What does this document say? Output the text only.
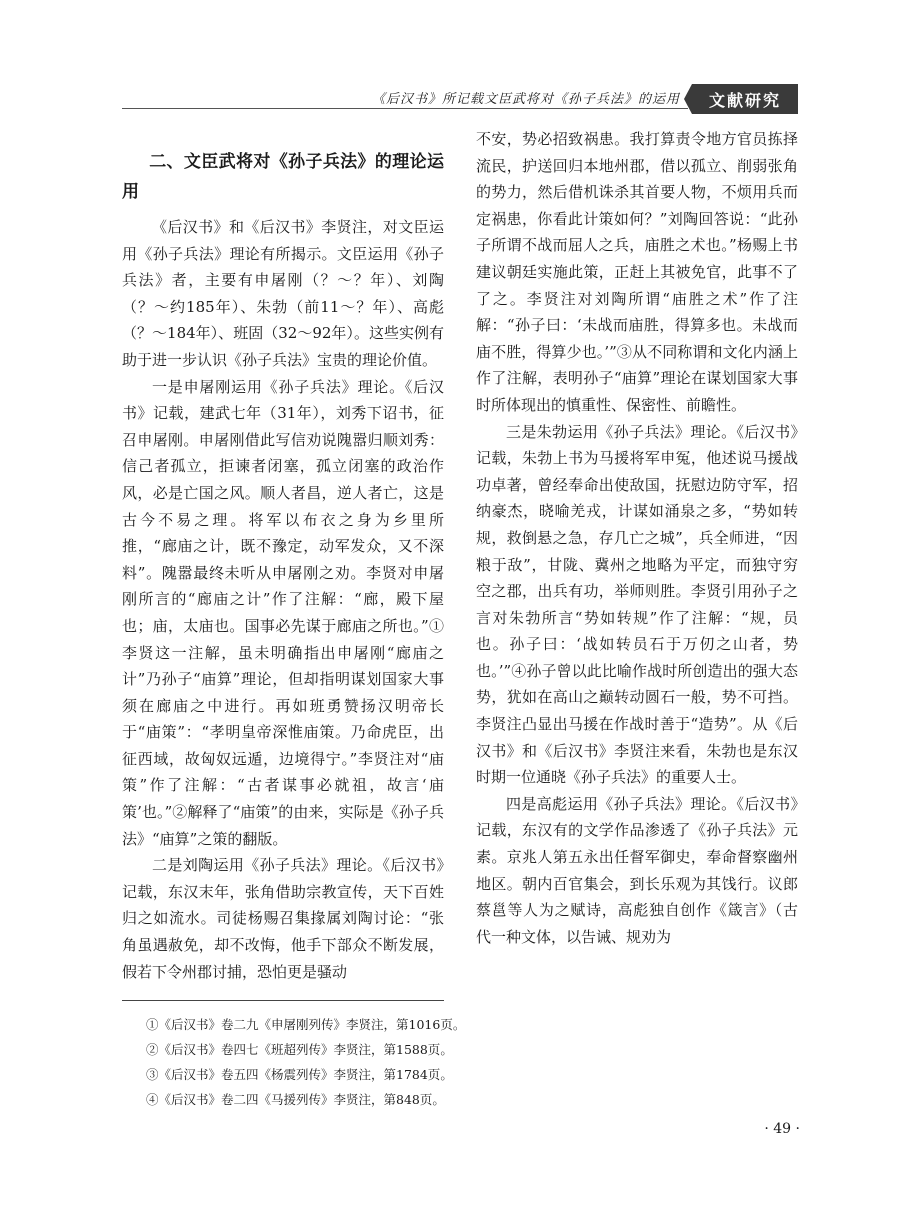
《后汉书》所记载文臣武将对《孙子兵法》的运用	文献研究
二、文臣武将对《孙子兵法》的理论运用

《后汉书》和《后汉书》李贤注，对文臣运用《孙子兵法》理论有所揭示。文臣运用《孙子兵法》者，主要有申屠刚（？～？年）、刘陶（？～约185年）、朱勃（前11～？年）、高彪（？～184年）、班固（32～92年）。这些实例有助于进一步认识《孙子兵法》宝贵的理论价值。

一是申屠刚运用《孙子兵法》理论。《后汉书》记载，建武七年（31年），刘秀下诏书，征召申屠刚。申屠刚借此写信劝说隗嚣归顺刘秀：信己者孤立，拒谏者闭塞，孤立闭塞的政治作风，必是亡国之风。顺人者昌，逆人者亡，这是古今不易之理。将军以布衣之身为乡里所推，“廊庙之计，既不豫定，动军发众，又不深料”。隗嚣最终未听从申屠刚之劝。李贤对申屠刚所言的“廊庙之计”作了注解：“廊，殿下屋也；庙，太庙也。国事必先谋于廊庙之所也。”①李贤这一注解，虽未明确指出申屠刚“廊庙之计”乃孙子“庙算”理论，但却指明谋划国家大事须在廊庙之中进行。再如班勇赞扬汉明帝长于“庙策”：“孝明皇帝深惟庙策。乃命虎臣，出征西域，故匈奴远遁，边境得宁。”李贤注对“庙策”作了注解：“古者谋事必就祖，故言‘庙策’也。”②解释了“庙策”的由来，实际是《孙子兵法》“庙算”之策的翻版。

二是刘陶运用《孙子兵法》理论。《后汉书》记载，东汉末年，张角借助宗教宣传，天下百姓归之如流水。司徒杨赐召集掾属刘陶讨论：“张角虽遇赦免，却不改悔，他手下部众不断发展，假若下令州郡讨捕，恐怕更是骚动

不安，势必招致祸患。我打算责令地方官员拣择流民，护送回归本地州郡，借以孤立、削弱张角的势力，然后借机诛杀其首要人物，不烦用兵而定祸患，你看此计策如何？”刘陶回答说：“此孙子所谓不战而屈人之兵，庙胜之术也。”杨赐上书建议朝廷实施此策，正赶上其被免官，此事不了了之。李贤注对刘陶所谓“庙胜之术”作了注解：“孙子曰：‘未战而庙胜，得算多也。未战而庙不胜，得算少也。’”③从不同称谓和文化内涵上作了注解，表明孙子“庙算”理论在谋划国家大事时所体现出的慎重性、保密性、前瞻性。

三是朱勃运用《孙子兵法》理论。《后汉书》记载，朱勃上书为马援将军申冤，他述说马援战功卓著，曾经奉命出使敌国，抚慰边防守军，招纳豪杰，晓喻羌戎，计谋如涌泉之多，“势如转规，救倒悬之急，存几亡之城”，兵全师进，“因粮于敌”，甘陇、冀州之地略为平定，而独守穷空之郡，出兵有功，举师则胜。李贤引用孙子之言对朱勃所言“势如转规”作了注解：“规，员也。孙子曰：‘战如转员石于万仞之山者，势也。’”④孙子曾以此比喻作战时所创造出的强大态势，犹如在高山之巅转动圆石一般，势不可挡。李贤注凸显出马援在作战时善于“造势”。从《后汉书》和《后汉书》李贤注来看，朱勃也是东汉时期一位通晓《孙子兵法》的重要人士。

四是高彪运用《孙子兵法》理论。《后汉书》记载，东汉有的文学作品渗透了《孙子兵法》元素。京兆人第五永出任督军御史，奉命督察幽州地区。朝内百官集会，到长乐观为其饯行。议郎蔡邕等人为之赋诗，高彪独自创作《箴言》（古代一种文体，以告诫、规劝为

①《后汉书》卷二九《申屠刚列传》李贤注，第1016页。
②《后汉书》卷四七《班超列传》李贤注，第1588页。
③《后汉书》卷五四《杨震列传》李贤注，第1784页。
④《后汉书》卷二四《马援列传》李贤注，第848页。
· 49 ·
